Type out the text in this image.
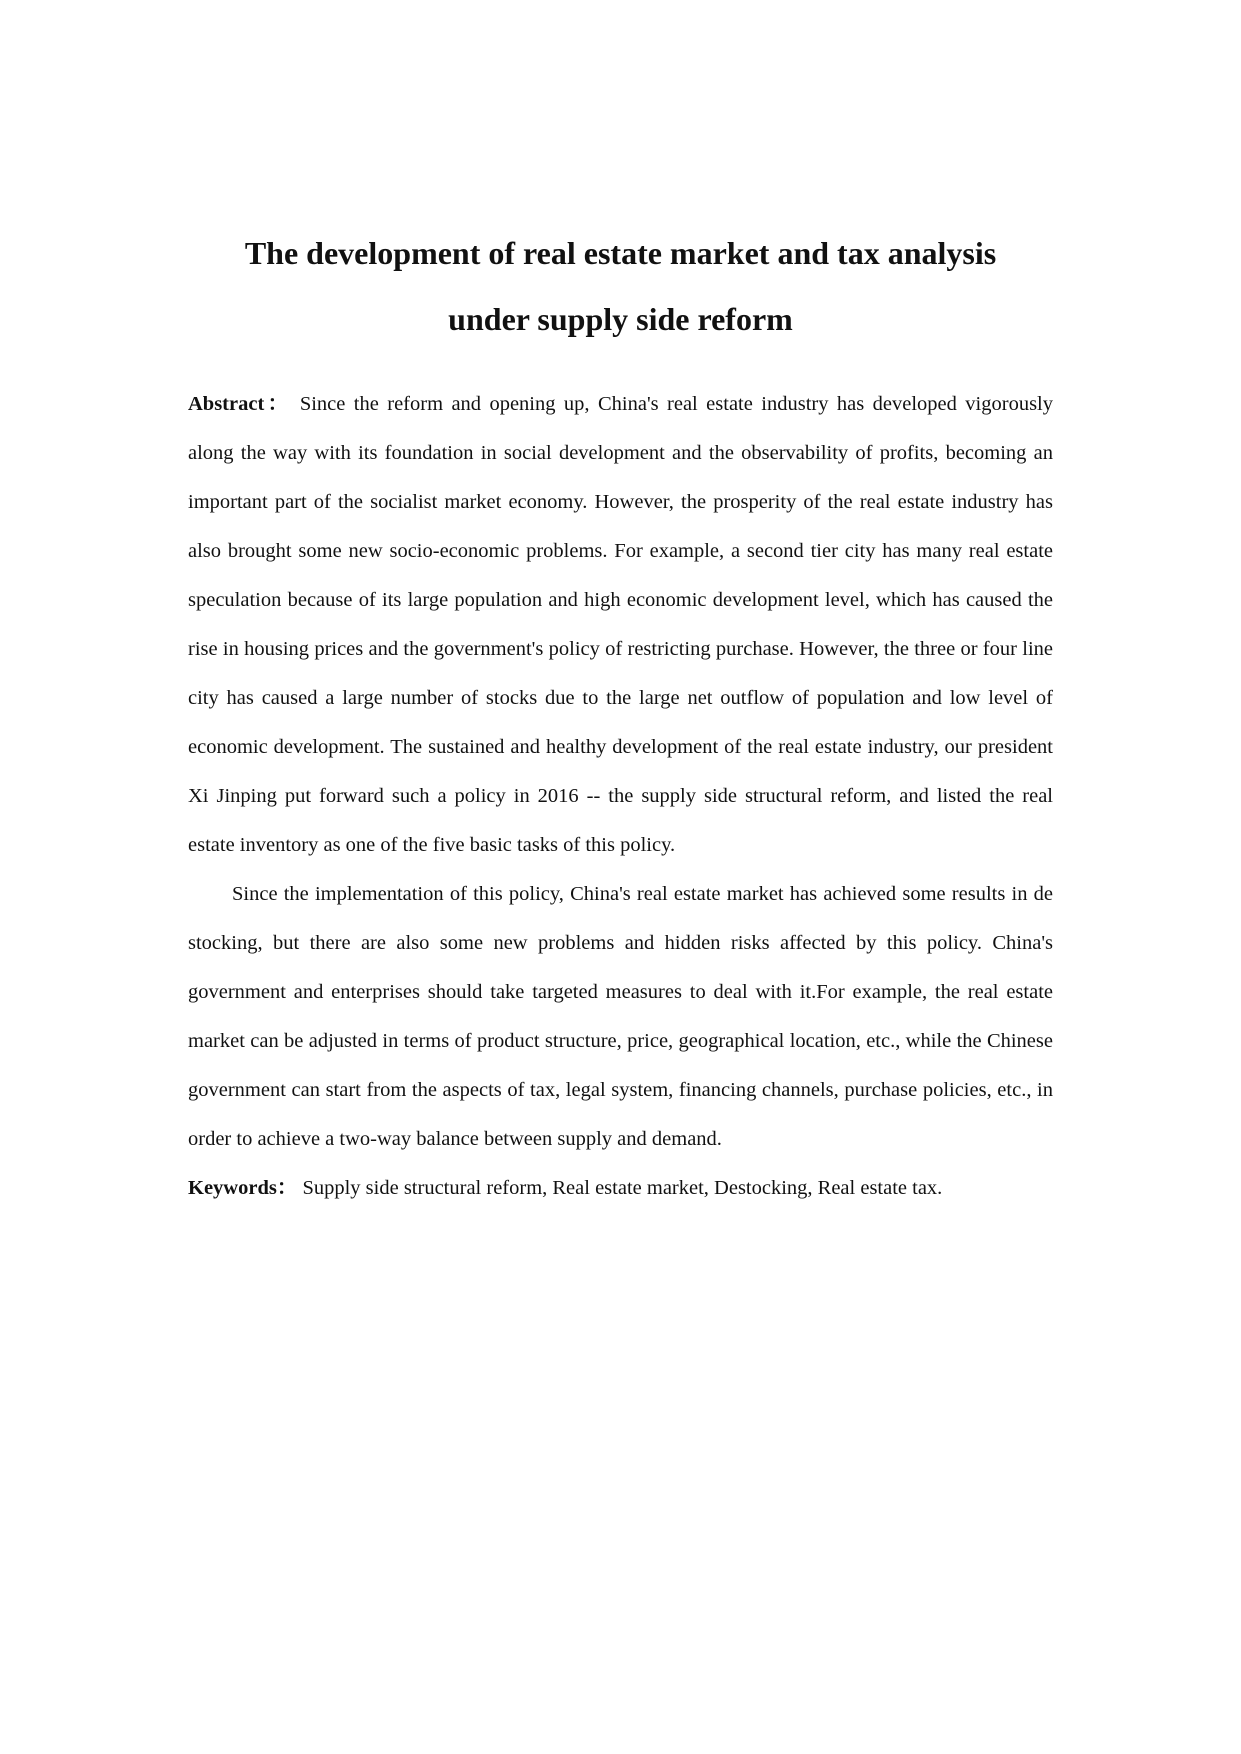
The development of real estate market and tax analysis

under supply side reform

Abstract： Since the reform and opening up, China's real estate industry has developed vigorously along the way with its foundation in social development and the observability of profits, becoming an important part of the socialist market economy. However, the prosperity of the real estate industry has also brought some new socio-economic problems. For example, a second tier city has many real estate speculation because of its large population and high economic development level, which has caused the rise in housing prices and the government's policy of restricting purchase. However, the three or four line city has caused a large number of stocks due to the large net outflow of population and low level of economic development. The sustained and healthy development of the real estate industry, our president Xi Jinping put forward such a policy in 2016 -- the supply side structural reform, and listed the real estate inventory as one of the five basic tasks of this policy.

Since the implementation of this policy, China's real estate market has achieved some results in de stocking, but there are also some new problems and hidden risks affected by this policy. China's government and enterprises should take targeted measures to deal with it.For example, the real estate market can be adjusted in terms of product structure, price, geographical location, etc., while the Chinese government can start from the aspects of tax, legal system, financing channels, purchase policies, etc., in order to achieve a two-way balance between supply and demand.

Keywords： Supply side structural reform, Real estate market, Destocking, Real estate tax.
